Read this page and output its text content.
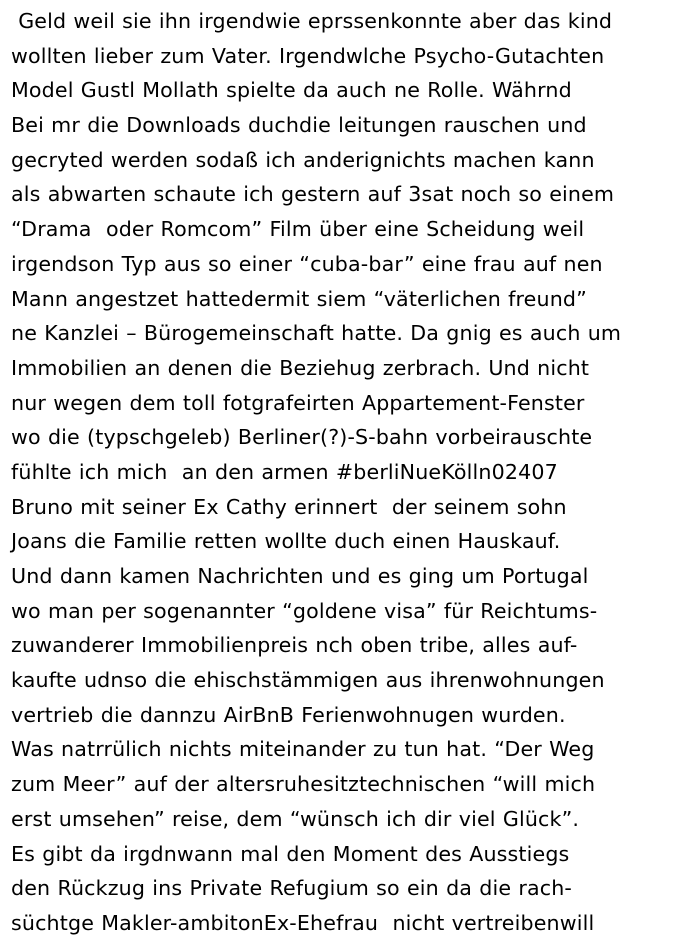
Geld weil sie ihn irgendwie eprssenkonnte aber das kind
wollten lieber zum Vater. Irgendwlche Psycho-Gutachten
Model Gustl Mollath spielte da auch ne Rolle. Währnd
Bei mr die Downloads duchdie leitungen rauschen und
gecryted werden sodaß ich anderignichts machen kann
als abwarten schaute ich gestern auf 3sat noch so einem
“Drama  oder Romcom” Film über eine Scheidung weil
irgendson Typ aus so einer “cuba-bar” eine frau auf nen
Mann angestzet hattedermit siem “väterlichen freund”
ne Kanzlei – Bürogemeinschaft hatte. Da gnig es auch um
Immobilien an denen die Beziehug zerbrach. Und nicht
nur wegen dem toll fotgrafeirten Appartement-Fenster
wo die (typschgeleb) Berliner(?)-S-bahn vorbeirauschte
fühlte ich mich  an den armen #berliNueKölln02407
Bruno mit seiner Ex Cathy erinnert  der seinem sohn
Joans die Familie retten wollte duch einen Hauskauf.
Und dann kamen Nachrichten und es ging um Portugal
wo man per sogenannter “goldene visa” für Reichtums-
zuwanderer Immobilienpreis nch oben tribe, alles auf-
kaufte udnso die ehischstämmigen aus ihrenwohnungen
vertrieb die dannzu AirBnB Ferienwohnugen wurden.
Was natrrülich nichts miteinander zu tun hat. “Der Weg
zum Meer” auf der altersruhesitztechnischen “will mich
erst umsehen” reise, dem “wünsch ich dir viel Glück”.
Es gibt da irgdnwann mal den Moment des Ausstiegs
den Rückzug ins Private Refugium so ein da die rach-
süchtge Makler-ambitonEx-Ehefrau  nicht vertreibenwill
